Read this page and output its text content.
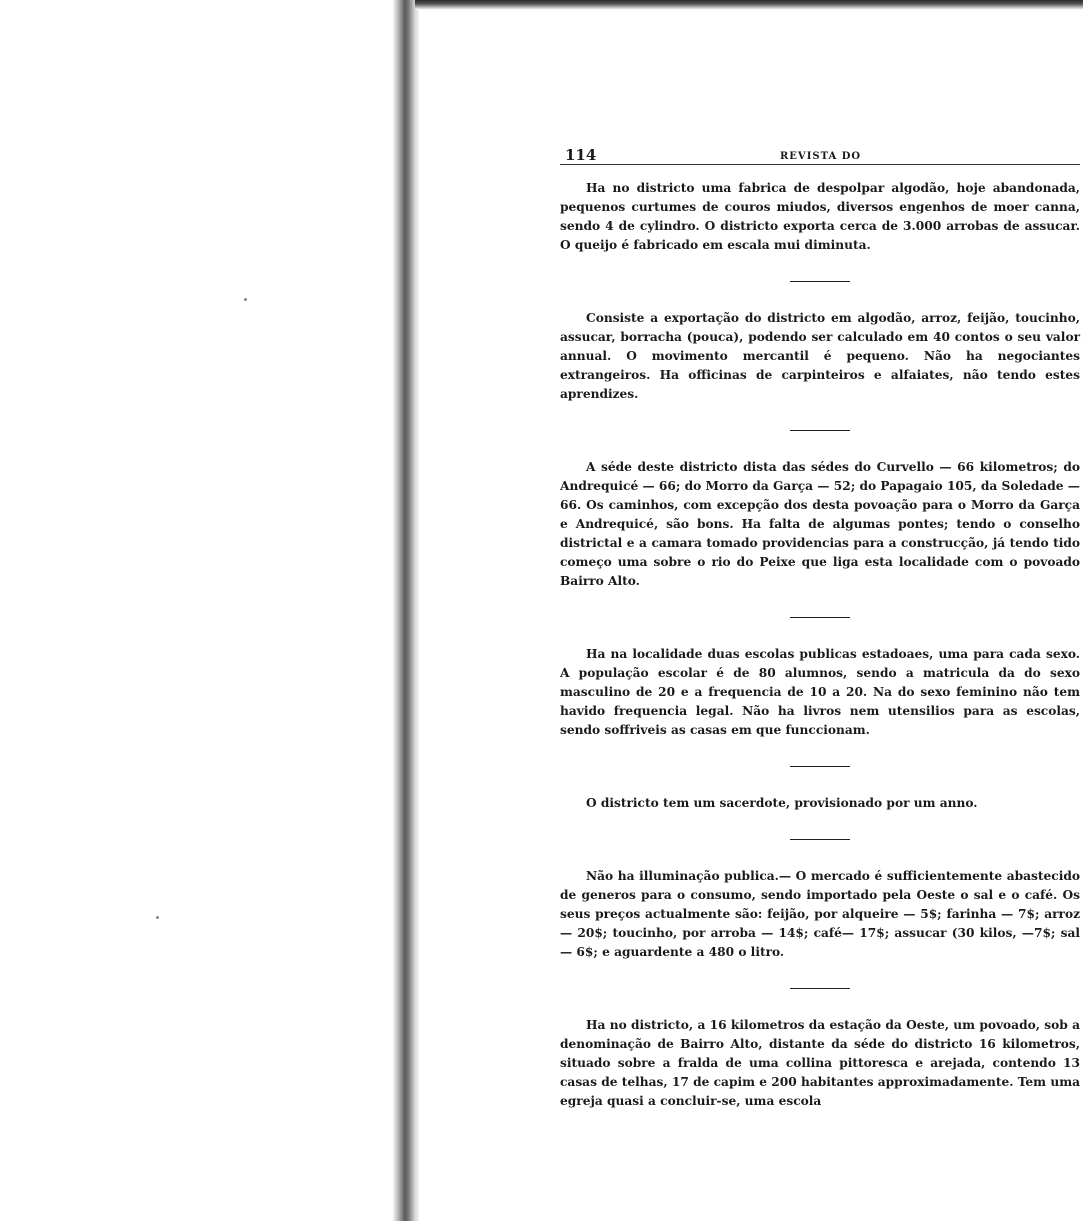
114	REVISTA DO

Ha no districto uma fabrica de despolpar algodão, hoje abandonada, pequenos curtumes de couros miudos, diversos engenhos de moer canna, sendo 4 de cylindro. O districto exporta cerca de 3.000 arrobas de assucar. O queijo é fabricado em escala mui diminuta.

Consiste a exportação do districto em algodão, arroz, feijão, toucinho, assucar, borracha (pouca), podendo ser calculado em 40 contos o seu valor annual. O movimento mercantil é pequeno. Não ha negociantes extrangeiros. Ha officinas de carpinteiros e alfaiates, não tendo estes aprendizes.

A séde deste districto dista das sédes do Curvello — 66 kilometros; do Andrequicé — 66; do Morro da Garça — 52; do Papagaio 105, da Soledade — 66. Os caminhos, com excepção dos desta povoação para o Morro da Garça e Andrequicé, são bons. Ha falta de algumas pontes; tendo o conselho districtal e a camara tomado providencias para a construcção, já tendo tido começo uma sobre o rio do Peixe que liga esta localidade com o povoado Bairro Alto.

Ha na localidade duas escolas publicas estadoaes, uma para cada sexo. A população escolar é de 80 alumnos, sendo a matricula da do sexo masculino de 20 e a frequencia de 10 a 20. Na do sexo feminino não tem havido frequencia legal. Não ha livros nem utensilios para as escolas, sendo soffriveis as casas em que funccionam.

O districto tem um sacerdote, provisionado por um anno.

Não ha illuminação publica.— O mercado é sufficientemente abastecido de generos para o consumo, sendo importado pela Oeste o sal e o café. Os seus preços actualmente são: feijão, por alqueire — 5$; farinha — 7$; arroz — 20$; toucinho, por arroba — 14$; café— 17$; assucar (30 kilos, —7$; sal — 6$; e aguardente a 480 o litro.

Ha no districto, a 16 kilometros da estação da Oeste, um povoado, sob a denominação de Bairro Alto, distante da séde do districto 16 kilometros, situado sobre a fralda de uma collina pittoresca e arejada, contendo 13 casas de telhas, 17 de capim e 200 habitantes approximadamente. Tem uma egreja quasi a concluir-se, uma escola
